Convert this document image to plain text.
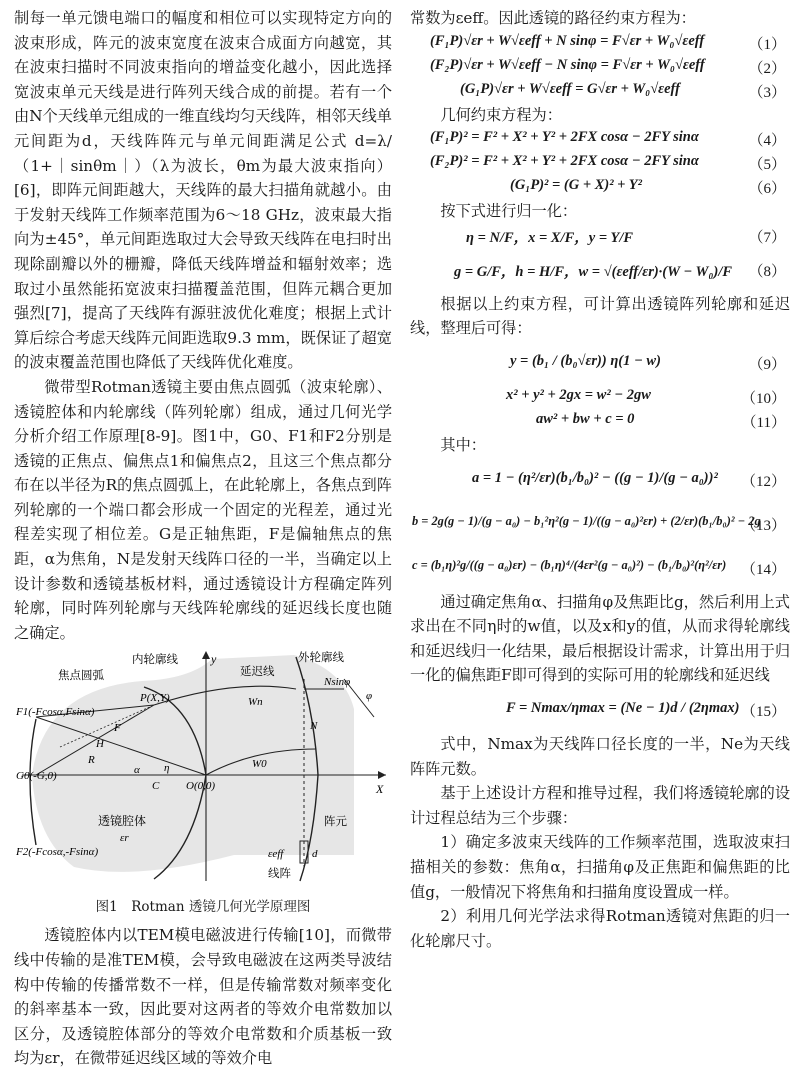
制每一单元馈电端口的幅度和相位可以实现特定方向的波束形成，阵元的波束宽度在波束合成面方向越宽，其在波束扫描时不同波束指向的增益变化越小，因此选择宽波束单元天线是进行阵列天线合成的前提。若有一个由N个天线单元组成的一维直线均匀天线阵，相邻天线单元间距为d，天线阵阵元与单元间距满足公式 d=λ/（1+｜sinθm｜）（λ为波长，θm为最大波束指向）[6]，即阵元间距越大，天线阵的最大扫描角就越小。由于发射天线阵工作频率范围为6～18 GHz，波束最大指向为±45°，单元间距选取过大会导致天线阵在电扫时出现除副瓣以外的栅瓣，降低天线阵增益和辐射效率；选取过小虽然能拓宽波束扫描覆盖范围，但阵元耦合更加强烈[7]，提高了天线阵有源驻波优化难度；根据上式计算后综合考虑天线阵元间距选取9.3 mm，既保证了超宽的波束覆盖范围也降低了天线阵优化难度。

微带型Rotman透镜主要由焦点圆弧（波束轮廓）、透镜腔体和内轮廓线（阵列轮廓）组成，通过几何光学分析介绍工作原理[8-9]。图1中，G0、F1和F2分别是透镜的正焦点、偏焦点1和偏焦点2，且这三个焦点都分布在以半径为R的焦点圆弧上，在此轮廓上，各焦点到阵列轮廓的一个端口都会形成一个固定的光程差，通过光程差实现了相位差。G是正轴焦距，F是偏轴焦点的焦距，α为焦角，N是发射天线阵口径的一半，当确定以上设计参数和透镜基板材料，通过透镜设计方程确定阵列轮廓，同时阵列轮廓与天线阵轮廓线的延迟线长度也随之确定。

y
X
焦点圆弧
内轮廓线
延迟线
外轮廓线
F1(-Fcosα,Fsinα)
P(X,Y)
G0(-G,0)
O(0,0)
F
H
R
C
α η
Wn
W0
Nsinφ
φ
N
透镜腔体
εr
阵元
εeff	d
线阵
F2(-Fcosα,-Fsinα)
图1　Rotman 透镜几何光学原理图

透镜腔体内以TEM模电磁波进行传输[10]，而微带线中传输的是准TEM模，会导致电磁波在这两类导波结构中传输的传播常数不一样，但是传输常数对频率变化的斜率基本一致，因此要对这两者的等效介电常数加以区分，及透镜腔体部分的等效介电常数和介质基板一致均为εr，在微带延迟线区域的等效介电

常数为εeff。因此透镜的路径约束方程为：

(F₁P)√εr + W√εeff + N sinφ = F√εr + W₀√εeff	（1）
(F₂P)√εr + W√εeff − N sinφ = F√εr + W₀√εeff	（2）
(G₁P)√εr + W√εeff = G√εr + W₀√εeff	（3）

几何约束方程为：

(F₁P)² = F² + X² + Y² + 2FX cosα − 2FY sinα	（4）
(F₂P)² = F² + X² + Y² + 2FX cosα − 2FY sinα	（5）
(G₁P)² = (G + X)² + Y²	（6）

按下式进行归一化：

η = N/F，x = X/F，y = Y/F	（7）
g = G/F，h = H/F，w = √(εeff/εr)·(W − W₀)/F （8）

根据以上约束方程，可计算出透镜阵列轮廓和延迟线，整理后可得：

y = (b₁ / (b₀√εr)) η(1 − w)	（9）
x² + y² + 2gx = w² − 2gw	（10）
aw² + bw + c = 0	（11）

其中：

a = 1 − (η²/εr)(b₁/b₀)² − ((g − 1)/(g − a₀))² （12）
b = 2g(g − 1)/(g − a₀) − b₁²η²(g − 1)/((g − a₀)²εr) + (2/εr)(b₁/b₀)² − 2g
（13）
c = (b₁η)²g/((g − a₀)εr) − (b₁η)⁴/(4εr²(g − a₀)²) − (b₁/b₀)²(η²/εr) （14）

通过确定焦角α、扫描角φ及焦距比g，然后利用上式求出在不同η时的w值，以及x和y的值，从而求得轮廓线和延迟线归一化结果，最后根据设计需求，计算出用于归一化的偏焦距F即可得到的实际可用的轮廓线和延迟线

F = Nmax/ηmax = (Ne − 1)d / (2ηmax) （15）

式中，Nmax为天线阵口径长度的一半，Ne为天线阵阵元数。

基于上述设计方程和推导过程，我们将透镜轮廓的设计过程总结为三个步骤：

1）确定多波束天线阵的工作频率范围，选取波束扫描相关的参数：焦角α，扫描角φ及正焦距和偏焦距的比值g，一般情况下将焦角和扫描角度设置成一样。

2）利用几何光学法求得Rotman透镜对焦距的归一化轮廓尺寸。
